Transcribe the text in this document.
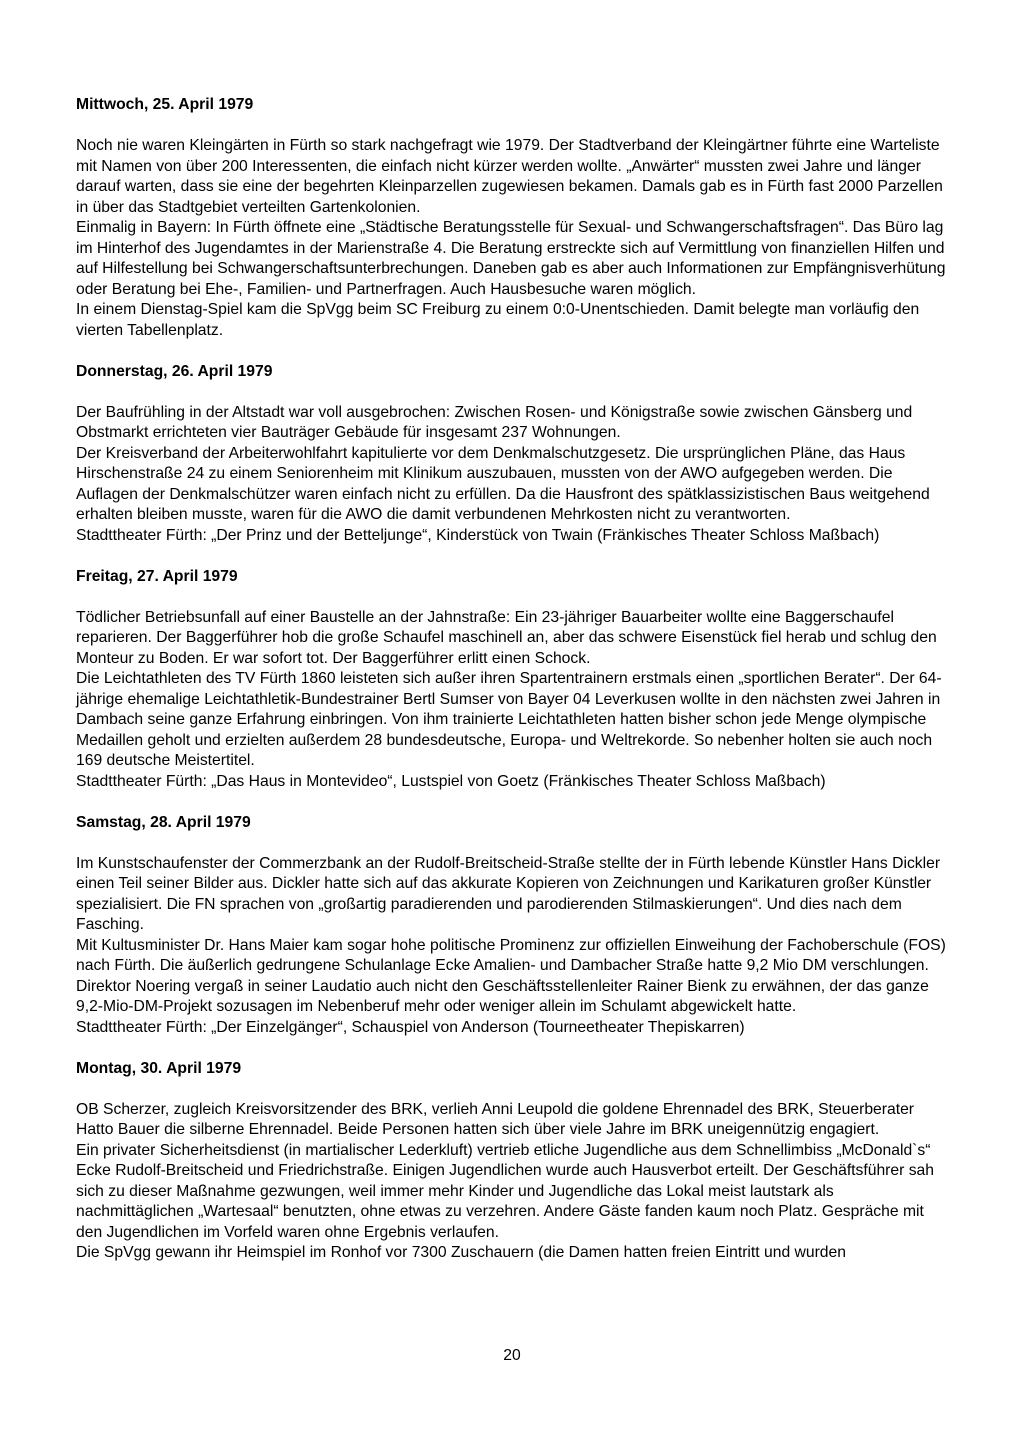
Mittwoch, 25. April 1979

Noch nie waren Kleingärten in Fürth so stark nachgefragt wie 1979. Der Stadtverband der Kleingärtner führte eine Warteliste mit Namen von über 200 Interessenten, die einfach nicht kürzer werden wollte. „Anwärter“ mussten zwei Jahre und länger darauf warten, dass sie eine der begehrten Kleinparzellen zugewiesen bekamen. Damals gab es in Fürth fast 2000 Parzellen in über das Stadtgebiet verteilten Gartenkolonien.

Einmalig in Bayern: In Fürth öffnete eine „Städtische Beratungsstelle für Sexual- und Schwangerschaftsfragen“. Das Büro lag im Hinterhof des Jugendamtes in der Marienstraße 4. Die Beratung erstreckte sich auf Vermittlung von finanziellen Hilfen und auf Hilfestellung bei Schwangerschaftsunterbrechungen. Daneben gab es aber auch Informationen zur Empfängnisverhütung oder Beratung bei Ehe-, Familien- und Partnerfragen. Auch Hausbesuche waren möglich.

In einem Dienstag-Spiel kam die SpVgg beim SC Freiburg zu einem 0:0-Unentschieden. Damit belegte man vorläufig den vierten Tabellenplatz.

Donnerstag, 26. April 1979

Der Baufrühling in der Altstadt war voll ausgebrochen: Zwischen Rosen- und Königstraße sowie zwischen Gänsberg und Obstmarkt errichteten vier Bauträger Gebäude für insgesamt 237 Wohnungen.

Der Kreisverband der Arbeiterwohlfahrt kapitulierte vor dem Denkmalschutzgesetz. Die ursprünglichen Pläne, das Haus Hirschenstraße 24 zu einem Seniorenheim mit Klinikum auszubauen, mussten von der AWO aufgegeben werden. Die Auflagen der Denkmalschützer waren einfach nicht zu erfüllen. Da die Hausfront des spätklassizistischen Baus weitgehend erhalten bleiben musste, waren für die AWO die damit verbundenen Mehrkosten nicht zu verantworten.

Stadttheater Fürth: „Der Prinz und der Betteljunge“, Kinderstück von Twain (Fränkisches Theater Schloss Maßbach)

Freitag, 27. April 1979

Tödlicher Betriebsunfall auf einer Baustelle an der Jahnstraße: Ein 23-jähriger Bauarbeiter wollte eine Baggerschaufel reparieren. Der Baggerführer hob die große Schaufel maschinell an, aber das schwere Eisenstück fiel herab und schlug den Monteur zu Boden. Er war sofort tot. Der Baggerführer erlitt einen Schock.

Die Leichtathleten des TV Fürth 1860 leisteten sich außer ihren Spartentrainern erstmals einen „sportlichen Berater“. Der 64-jährige ehemalige Leichtathletik-Bundestrainer Bertl Sumser von Bayer 04 Leverkusen wollte in den nächsten zwei Jahren in Dambach seine ganze Erfahrung einbringen. Von ihm trainierte Leichtathleten hatten bisher schon jede Menge olympische Medaillen geholt und erzielten außerdem 28 bundesdeutsche, Europa- und Weltrekorde. So nebenher holten sie auch noch 169 deutsche Meistertitel.

Stadttheater Fürth: „Das Haus in Montevideo“, Lustspiel von Goetz (Fränkisches Theater Schloss Maßbach)

Samstag, 28. April 1979

Im Kunstschaufenster der Commerzbank an der Rudolf-Breitscheid-Straße stellte der in Fürth lebende Künstler Hans Dickler einen Teil seiner Bilder aus. Dickler hatte sich auf das akkurate Kopieren von Zeichnungen und Karikaturen großer Künstler spezialisiert. Die FN sprachen von „großartig paradierenden und parodierenden Stilmaskierungen“. Und dies nach dem Fasching.

Mit Kultusminister Dr. Hans Maier kam sogar hohe politische Prominenz zur offiziellen Einweihung der Fachoberschule (FOS) nach Fürth. Die äußerlich gedrungene Schulanlage Ecke Amalien- und Dambacher Straße hatte 9,2 Mio DM verschlungen. Direktor Noering vergaß in seiner Laudatio auch nicht den Geschäftsstellenleiter Rainer Bienk zu erwähnen, der das ganze 9,2-Mio-DM-Projekt sozusagen im Nebenberuf mehr oder weniger allein im Schulamt abgewickelt hatte.

Stadttheater Fürth: „Der Einzelgänger“, Schauspiel von Anderson (Tourneetheater Thepiskarren)

Montag, 30. April 1979

OB Scherzer, zugleich Kreisvorsitzender des BRK, verlieh Anni Leupold die goldene Ehrennadel des BRK, Steuerberater Hatto Bauer die silberne Ehrennadel. Beide Personen hatten sich über viele Jahre im BRK uneigennützig engagiert.

Ein privater Sicherheitsdienst (in martialischer Lederkluft) vertrieb etliche Jugendliche aus dem Schnellimbiss „McDonald`s“ Ecke Rudolf-Breitscheid und Friedrichstraße. Einigen Jugendlichen wurde auch Hausverbot erteilt. Der Geschäftsführer sah sich zu dieser Maßnahme gezwungen, weil immer mehr Kinder und Jugendliche das Lokal meist lautstark als nachmittäglichen „Wartesaal“ benutzten, ohne etwas zu verzehren. Andere Gäste fanden kaum noch Platz. Gespräche mit den Jugendlichen im Vorfeld waren ohne Ergebnis verlaufen.

Die SpVgg gewann ihr Heimspiel im Ronhof vor 7300 Zuschauern (die Damen hatten freien Eintritt und wurden

20
